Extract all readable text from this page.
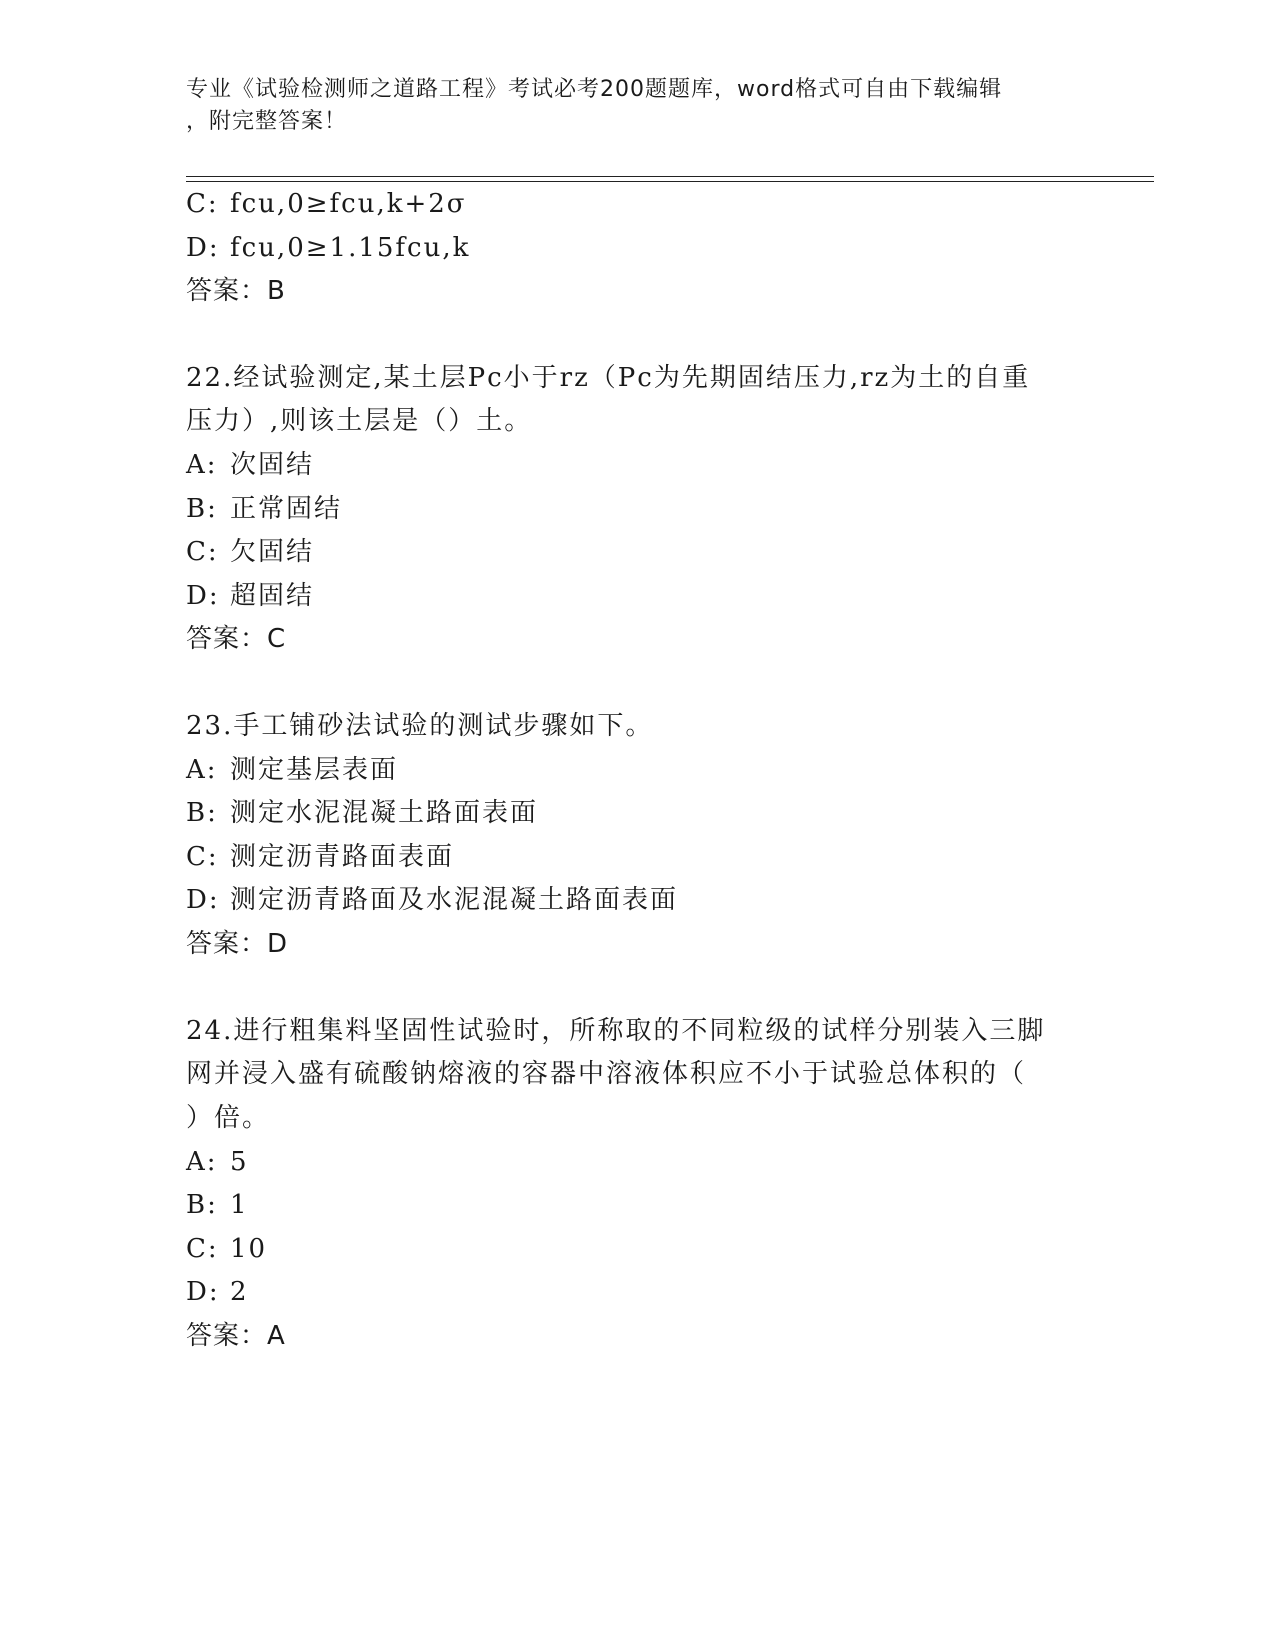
专业《试验检测师之道路工程》考试必考200题题库，word格式可自由下载编辑
，附完整答案！
C: fcu,0≥fcu,k+2σ
D: fcu,0≥1.15fcu,k
答案：B
22.经试验测定,某土层Pc小于rz（Pc为先期固结压力,rz为土的自重
压力）,则该土层是（）土。
A: 次固结
B: 正常固结
C: 欠固结
D: 超固结
答案：C
23.手工铺砂法试验的测试步骤如下。
A: 测定基层表面
B: 测定水泥混凝土路面表面
C: 测定沥青路面表面
D: 测定沥青路面及水泥混凝土路面表面
答案：D
24.进行粗集料坚固性试验时，所称取的不同粒级的试样分别装入三脚
网并浸入盛有硫酸钠熔液的容器中溶液体积应不小于试验总体积的（
）倍。
A: 5
B: 1
C: 10
D: 2
答案：A
